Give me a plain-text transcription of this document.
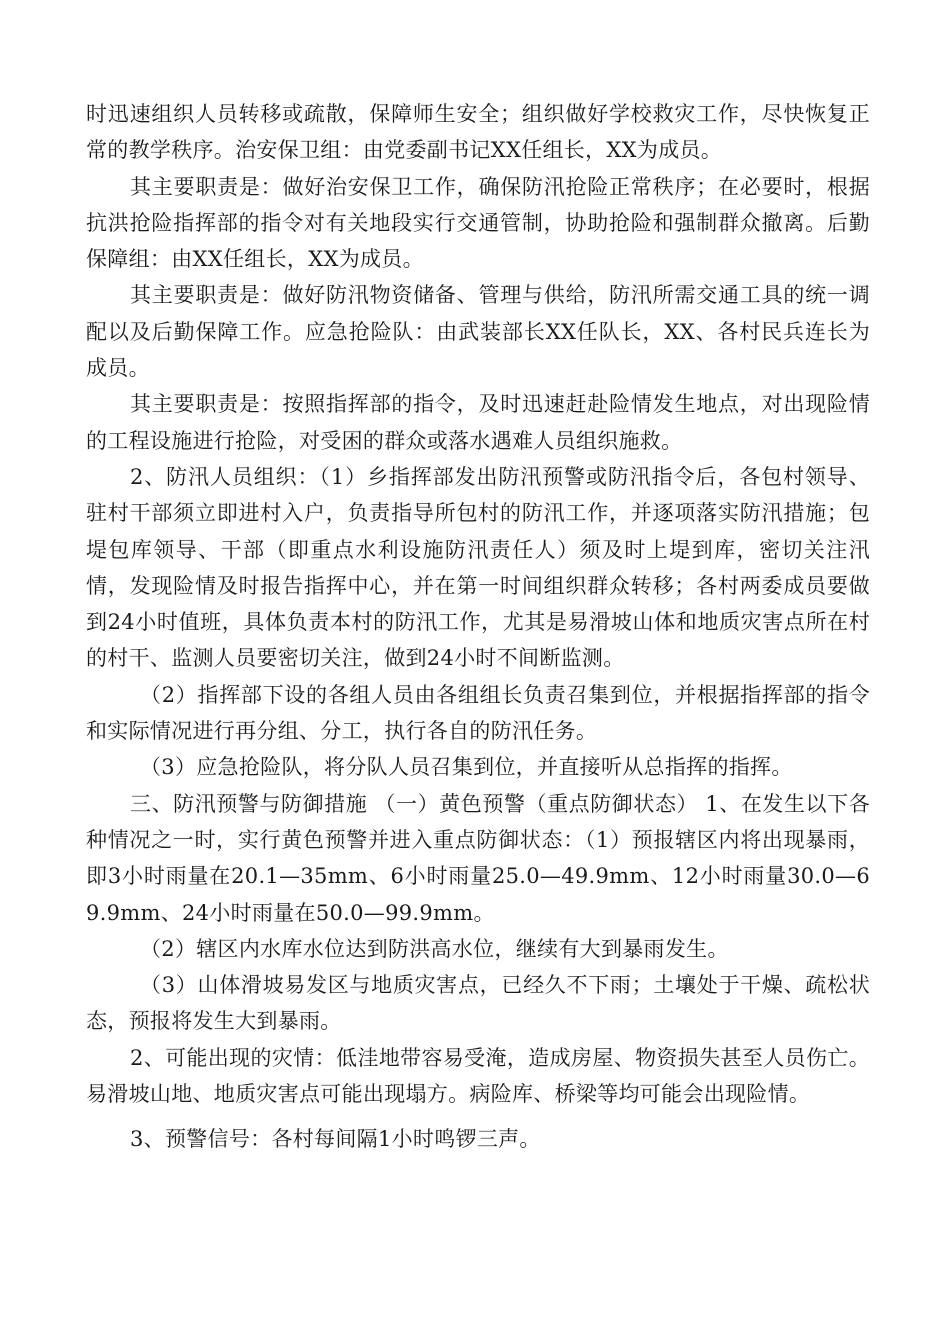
时迅速组织人员转移或疏散，保障师生安全；组织做好学校救灾工作，尽快恢复正常的教学秩序。治安保卫组：由党委副书记XX任组长，XX为成员。

其主要职责是：做好治安保卫工作，确保防汛抢险正常秩序；在必要时，根据抗洪抢险指挥部的指令对有关地段实行交通管制，协助抢险和强制群众撤离。后勤保障组：由XX任组长，XX为成员。

其主要职责是：做好防汛物资储备、管理与供给，防汛所需交通工具的统一调配以及后勤保障工作。应急抢险队：由武装部长XX任队长，XX、各村民兵连长为成员。

其主要职责是：按照指挥部的指令，及时迅速赶赴险情发生地点，对出现险情的工程设施进行抢险，对受困的群众或落水遇难人员组织施救。

2、防汛人员组织：（1）乡指挥部发出防汛预警或防汛指令后，各包村领导、驻村干部须立即进村入户，负责指导所包村的防汛工作，并逐项落实防汛措施；包堤包库领导、干部（即重点水利设施防汛责任人）须及时上堤到库，密切关注汛情，发现险情及时报告指挥中心，并在第一时间组织群众转移；各村两委成员要做到24小时值班，具体负责本村的防汛工作，尤其是易滑坡山体和地质灾害点所在村的村干、监测人员要密切关注，做到24小时不间断监测。

（2）指挥部下设的各组人员由各组组长负责召集到位，并根据指挥部的指令和实际情况进行再分组、分工，执行各自的防汛任务。

（3）应急抢险队，将分队人员召集到位，并直接听从总指挥的指挥。

三、防汛预警与防御措施 （一）黄色预警（重点防御状态） 1、在发生以下各种情况之一时，实行黄色预警并进入重点防御状态：（1）预报辖区内将出现暴雨，即3小时雨量在20.1—35mm、6小时雨量25.0—49.9mm、12小时雨量30.0—69.9mm、24小时雨量在50.0—99.9mm。

（2）辖区内水库水位达到防洪高水位，继续有大到暴雨发生。

（3）山体滑坡易发区与地质灾害点，已经久不下雨；土壤处于干燥、疏松状态，预报将发生大到暴雨。

2、可能出现的灾情：低洼地带容易受淹，造成房屋、物资损失甚至人员伤亡。易滑坡山地、地质灾害点可能出现塌方。病险库、桥梁等均可能会出现险情。

3、预警信号：各村每间隔1小时鸣锣三声。
